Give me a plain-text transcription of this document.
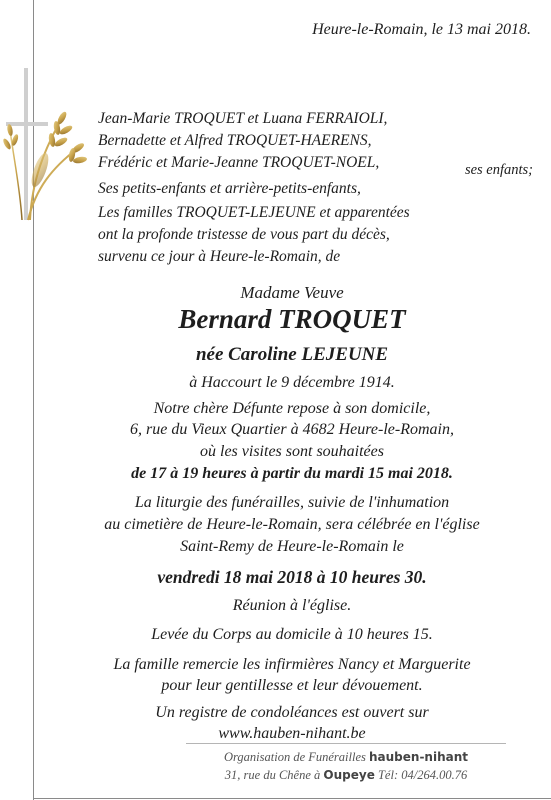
Heure-le-Romain, le 13 mai 2018.
Jean-Marie TROQUET et Luana FERRAIOLI,
Bernadette et Alfred TROQUET-HAERENS,
Frédéric et Marie-Jeanne TROQUET-NOEL,	ses enfants;
Ses petits-enfants et arrière-petits-enfants,
Les familles TROQUET-LEJEUNE et apparentées
ont la profonde tristesse de vous part du décès,
survenu ce jour à Heure-le-Romain, de
Madame Veuve
Bernard TROQUET
née Caroline LEJEUNE
à Haccourt le 9 décembre 1914.
Notre chère Défunte repose à son domicile,
6, rue du Vieux Quartier à 4682 Heure-le-Romain,
où les visites sont souhaitées
de 17 à 19 heures à partir du mardi 15 mai 2018.
La liturgie des funérailles, suivie de l'inhumation
au cimetière de Heure-le-Romain, sera célébrée en l'église
Saint-Remy de Heure-le-Romain le
vendredi 18 mai 2018 à 10 heures 30.
Réunion à l'église.
Levée du Corps au domicile à 10 heures 15.
La famille remercie les infirmières Nancy et Marguerite
pour leur gentillesse et leur dévouement.
Un registre de condoléances est ouvert sur
www.hauben-nihant.be
Organisation de Funérailles hauben-nihant
31, rue du Chêne à Oupeye Tél: 04/264.00.76
